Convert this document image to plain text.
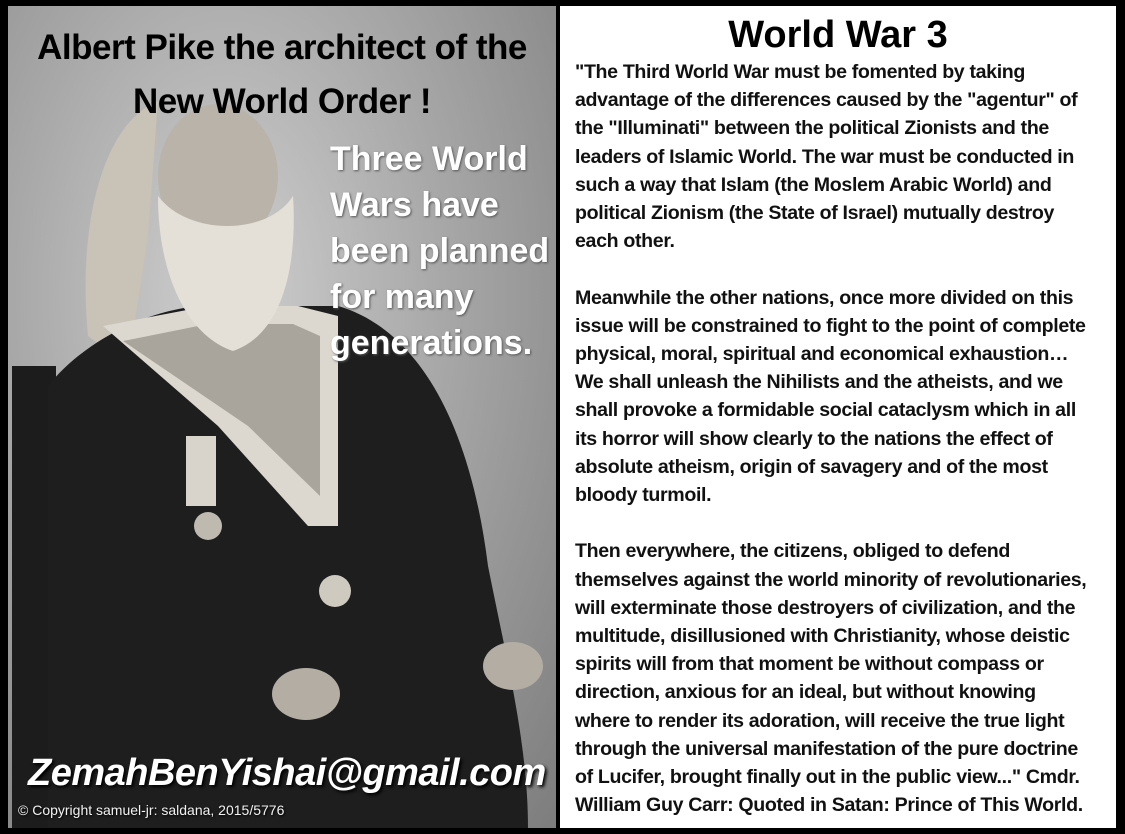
Albert Pike the architect of the
New World Order !
Three World
Wars have
been planned
for many
generations.
ZemahBenYishai@gmail.com
© Copyright samuel-jr: saldana, 2015/5776
World War 3
"The Third World War must be fomented by taking
advantage of the differences caused by the "agentur" of
the "Illuminati" between the political Zionists and the
leaders of Islamic World. The war must be conducted in
such a way that Islam (the Moslem Arabic World) and
political Zionism (the State of Israel) mutually destroy
each other.
Meanwhile the other nations, once more divided on this
issue will be constrained to fight to the point of complete
physical, moral, spiritual and economical exhaustion…
We shall unleash the Nihilists and the atheists, and we
shall provoke a formidable social cataclysm which in all
its horror will show clearly to the nations the effect of
absolute atheism, origin of savagery and of the most
bloody turmoil.
Then everywhere, the citizens, obliged to defend
themselves against the world minority of revolutionaries,
will exterminate those destroyers of civilization, and the
multitude, disillusioned with Christianity, whose deistic
spirits will from that moment be without compass or
direction, anxious for an ideal, but without knowing
where to render its adoration, will receive the true light
through the universal manifestation of the pure doctrine
of Lucifer, brought finally out in the public view..." Cmdr.
William Guy Carr: Quoted in Satan: Prince of This World.
